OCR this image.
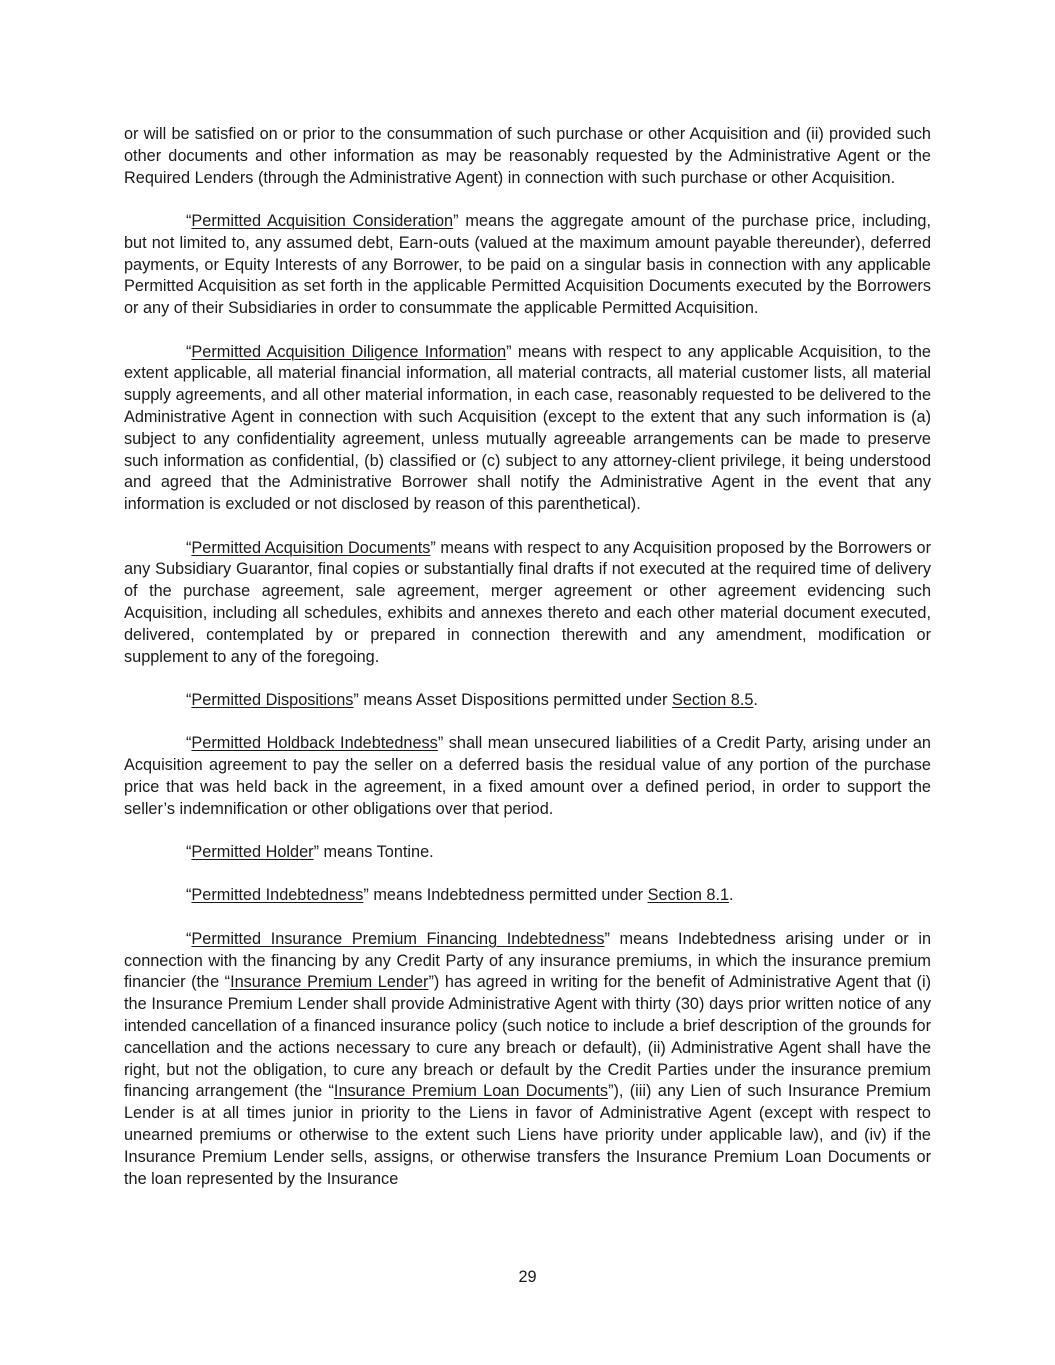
or will be satisfied on or prior to the consummation of such purchase or other Acquisition and (ii) provided such other documents and other information as may be reasonably requested by the Administrative Agent or the Required Lenders (through the Administrative Agent) in connection with such purchase or other Acquisition.

“Permitted Acquisition Consideration” means the aggregate amount of the purchase price, including, but not limited to, any assumed debt, Earn-outs (valued at the maximum amount payable thereunder), deferred payments, or Equity Interests of any Borrower, to be paid on a singular basis in connection with any applicable Permitted Acquisition as set forth in the applicable Permitted Acquisition Documents executed by the Borrowers or any of their Subsidiaries in order to consummate the applicable Permitted Acquisition.

“Permitted Acquisition Diligence Information” means with respect to any applicable Acquisition, to the extent applicable, all material financial information, all material contracts, all material customer lists, all material supply agreements, and all other material information, in each case, reasonably requested to be delivered to the Administrative Agent in connection with such Acquisition (except to the extent that any such information is (a) subject to any confidentiality agreement, unless mutually agreeable arrangements can be made to preserve such information as confidential, (b) classified or (c) subject to any attorney-client privilege, it being understood and agreed that the Administrative Borrower shall notify the Administrative Agent in the event that any information is excluded or not disclosed by reason of this parenthetical).

“Permitted Acquisition Documents” means with respect to any Acquisition proposed by the Borrowers or any Subsidiary Guarantor, final copies or substantially final drafts if not executed at the required time of delivery of the purchase agreement, sale agreement, merger agreement or other agreement evidencing such Acquisition, including all schedules, exhibits and annexes thereto and each other material document executed, delivered, contemplated by or prepared in connection therewith and any amendment, modification or supplement to any of the foregoing.

“Permitted Dispositions” means Asset Dispositions permitted under Section 8.5.

“Permitted Holdback Indebtedness” shall mean unsecured liabilities of a Credit Party, arising under an Acquisition agreement to pay the seller on a deferred basis the residual value of any portion of the purchase price that was held back in the agreement, in a fixed amount over a defined period, in order to support the seller’s indemnification or other obligations over that period.

“Permitted Holder” means Tontine.

“Permitted Indebtedness” means Indebtedness permitted under Section 8.1.

“Permitted Insurance Premium Financing Indebtedness” means Indebtedness arising under or in connection with the financing by any Credit Party of any insurance premiums, in which the insurance premium financier (the “Insurance Premium Lender”) has agreed in writing for the benefit of Administrative Agent that (i) the Insurance Premium Lender shall provide Administrative Agent with thirty (30) days prior written notice of any intended cancellation of a financed insurance policy (such notice to include a brief description of the grounds for cancellation and the actions necessary to cure any breach or default), (ii) Administrative Agent shall have the right, but not the obligation, to cure any breach or default by the Credit Parties under the insurance premium financing arrangement (the “Insurance Premium Loan Documents”), (iii) any Lien of such Insurance Premium Lender is at all times junior in priority to the Liens in favor of Administrative Agent (except with respect to unearned premiums or otherwise to the extent such Liens have priority under applicable law), and (iv) if the Insurance Premium Lender sells, assigns, or otherwise transfers the Insurance Premium Loan Documents or the loan represented by the Insurance

29
